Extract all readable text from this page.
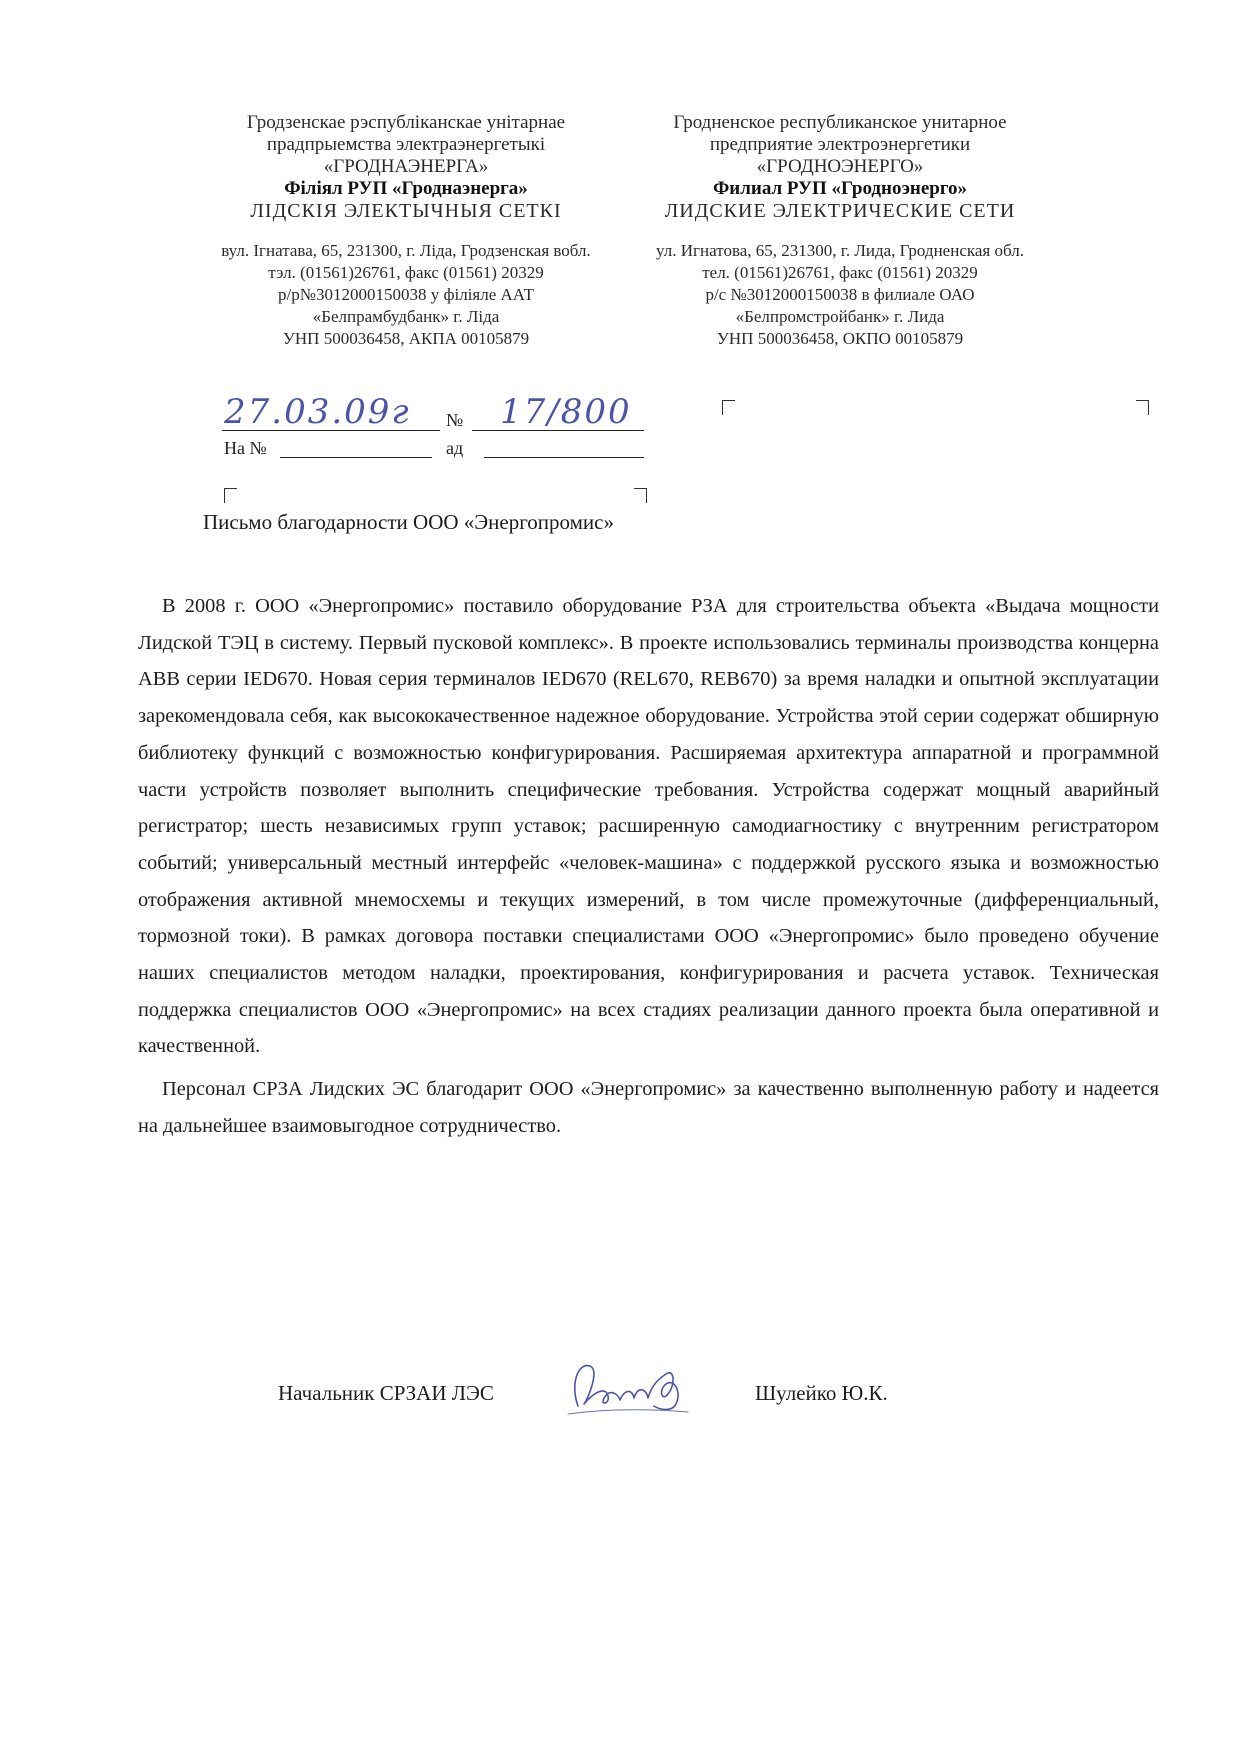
Гродзенскае рэспубліканскае унітарнае
прадпрыемства электраэнергетыкі
«ГРОДНАЭНЕРГА»
Філіял РУП «Гроднаэнерга»
ЛІДСКІЯ ЭЛЕКТЫЧНЫЯ СЕТКІ
вул. Ігнатава, 65, 231300, г. Ліда, Гродзенская вобл.
тэл. (01561)26761, факс (01561) 20329
р/р№3012000150038 у філіяле ААТ
«Белпрамбудбанк» г. Ліда
УНП 500036458, АКПА 00105879
Гродненское республиканское унитарное
предприятие электроэнергетики
«ГРОДНОЭНЕРГО»
Филиал РУП «Гродноэнерго»
ЛИДСКИЕ ЭЛЕКТРИЧЕСКИЕ СЕТИ
ул. Игнатова, 65, 231300, г. Лида, Гродненская обл.
тел. (01561)26761, факс (01561) 20329
р/с №3012000150038 в филиале ОАО
«Белпромстройбанк» г. Лида
УНП 500036458, ОКПО 00105879
27.03.09г № 17/800
На №	ад
Письмо благодарности ООО «Энергопромис»

В 2008 г. ООО «Энергопромис» поставило оборудование РЗА для строительства объекта «Выдача мощности Лидской ТЭЦ в систему. Первый пусковой комплекс». В проекте использовались терминалы производства концерна АВВ серии IED670. Новая серия терминалов IED670 (REL670, REB670) за время наладки и опытной эксплуатации зарекомендовала себя, как высококачественное надежное оборудование. Устройства этой серии содержат обширную библиотеку функций с возможностью конфигурирования. Расширяемая архитектура аппаратной и программной части устройств позволяет выполнить специфические требования. Устройства содержат мощный аварийный регистратор; шесть независимых групп уставок; расширенную самодиагностику с внутренним регистратором событий; универсальный местный интерфейс «человек-машина» с поддержкой русского языка и возможностью отображения активной мнемосхемы и текущих измерений, в том числе промежуточные (дифференциальный, тормозной токи). В рамках договора поставки специалистами ООО «Энергопромис» было проведено обучение наших специалистов методом наладки, проектирования, конфигурирования и расчета уставок. Техническая поддержка специалистов ООО «Энергопромис» на всех стадиях реализации данного проекта была оперативной и качественной.

Персонал СРЗА Лидских ЭС благодарит ООО «Энергопромис» за качественно выполненную работу и надеется на дальнейшее взаимовыгодное сотрудничество.

Начальник СРЗАИ ЛЭС	Шулейко Ю.К.
